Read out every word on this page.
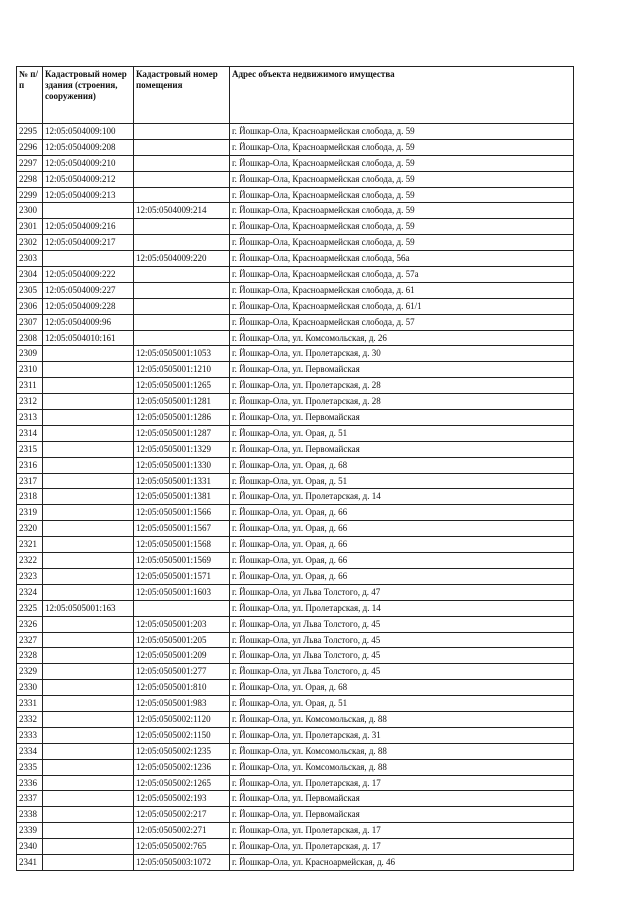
№ п/п	Кадастровый номер здания (строения, сооружения)	Кадастровый номер помещения	Адрес объекта недвижимого имущества
2295	12:05:0504009:100		г. Йошкар-Ола, Красноармейская слобода, д. 59
2296	12:05:0504009:208		г. Йошкар-Ола, Красноармейская слобода, д. 59
2297	12:05:0504009:210		г. Йошкар-Ола, Красноармейская слобода, д. 59
2298	12:05:0504009:212		г. Йошкар-Ола, Красноармейская слобода, д. 59
2299	12:05:0504009:213		г. Йошкар-Ола, Красноармейская слобода, д. 59
2300		12:05:0504009:214	г. Йошкар-Ола, Красноармейская слобода, д. 59
2301	12:05:0504009:216		г. Йошкар-Ола, Красноармейская слобода, д. 59
2302	12:05:0504009:217		г. Йошкар-Ола, Красноармейская слобода, д. 59
2303		12:05:0504009:220	г. Йошкар-Ола, Красноармейская слобода, 56а
2304	12:05:0504009:222		г. Йошкар-Ола, Красноармейская слобода, д. 57а
2305	12:05:0504009:227		г. Йошкар-Ола, Красноармейская слобода, д. 61
2306	12:05:0504009:228		г. Йошкар-Ола, Красноармейская слобода, д. 61/1
2307	12:05:0504009:96		г. Йошкар-Ола, Красноармейская слобода, д. 57
2308	12:05:0504010:161		г. Йошкар-Ола, ул. Комсомольская, д. 26
2309		12:05:0505001:1053	г. Йошкар-Ола, ул. Пролетарская, д. 30
2310		12:05:0505001:1210	г. Йошкар-Ола, ул. Первомайская
2311		12:05:0505001:1265	г. Йошкар-Ола, ул. Пролетарская, д. 28
2312		12:05:0505001:1281	г. Йошкар-Ола, ул. Пролетарская, д. 28
2313		12:05:0505001:1286	г. Йошкар-Ола, ул. Первомайская
2314		12:05:0505001:1287	г. Йошкар-Ола, ул. Орая, д. 51
2315		12:05:0505001:1329	г. Йошкар-Ола, ул. Первомайская
2316		12:05:0505001:1330	г. Йошкар-Ола, ул. Орая, д. 68
2317		12:05:0505001:1331	г. Йошкар-Ола, ул. Орая, д. 51
2318		12:05:0505001:1381	г. Йошкар-Ола, ул. Пролетарская, д. 14
2319		12:05:0505001:1566	г. Йошкар-Ола, ул. Орая, д. 66
2320		12:05:0505001:1567	г. Йошкар-Ола, ул. Орая, д. 66
2321		12:05:0505001:1568	г. Йошкар-Ола, ул. Орая, д. 66
2322		12:05:0505001:1569	г. Йошкар-Ола, ул. Орая, д. 66
2323		12:05:0505001:1571	г. Йошкар-Ола, ул. Орая, д. 66
2324		12:05:0505001:1603	г. Йошкар-Ола, ул Льва Толстого, д. 47
2325	12:05:0505001:163		г. Йошкар-Ола, ул. Пролетарская, д. 14
2326		12:05:0505001:203	г. Йошкар-Ола, ул Льва Толстого, д. 45
2327		12:05:0505001:205	г. Йошкар-Ола, ул Льва Толстого, д. 45
2328		12:05:0505001:209	г. Йошкар-Ола, ул Льва Толстого, д. 45
2329		12:05:0505001:277	г. Йошкар-Ола, ул Льва Толстого, д. 45
2330		12:05:0505001:810	г. Йошкар-Ола, ул. Орая, д. 68
2331		12:05:0505001:983	г. Йошкар-Ола, ул. Орая, д. 51
2332		12:05:0505002:1120	г. Йошкар-Ола, ул. Комсомольская, д. 88
2333		12:05:0505002:1150	г. Йошкар-Ола, ул. Пролетарская, д. 31
2334		12:05:0505002:1235	г. Йошкар-Ола, ул. Комсомольская, д. 88
2335		12:05:0505002:1236	г. Йошкар-Ола, ул. Комсомольская, д. 88
2336		12:05:0505002:1265	г. Йошкар-Ола, ул. Пролетарская, д. 17
2337		12:05:0505002:193	г. Йошкар-Ола, ул. Первомайская
2338		12:05:0505002:217	г. Йошкар-Ола, ул. Первомайская
2339		12:05:0505002:271	г. Йошкар-Ола, ул. Пролетарская, д. 17
2340		12:05:0505002:765	г. Йошкар-Ола, ул. Пролетарская, д. 17
2341		12:05:0505003:1072	г. Йошкар-Ола, ул. Красноармейская, д. 46
